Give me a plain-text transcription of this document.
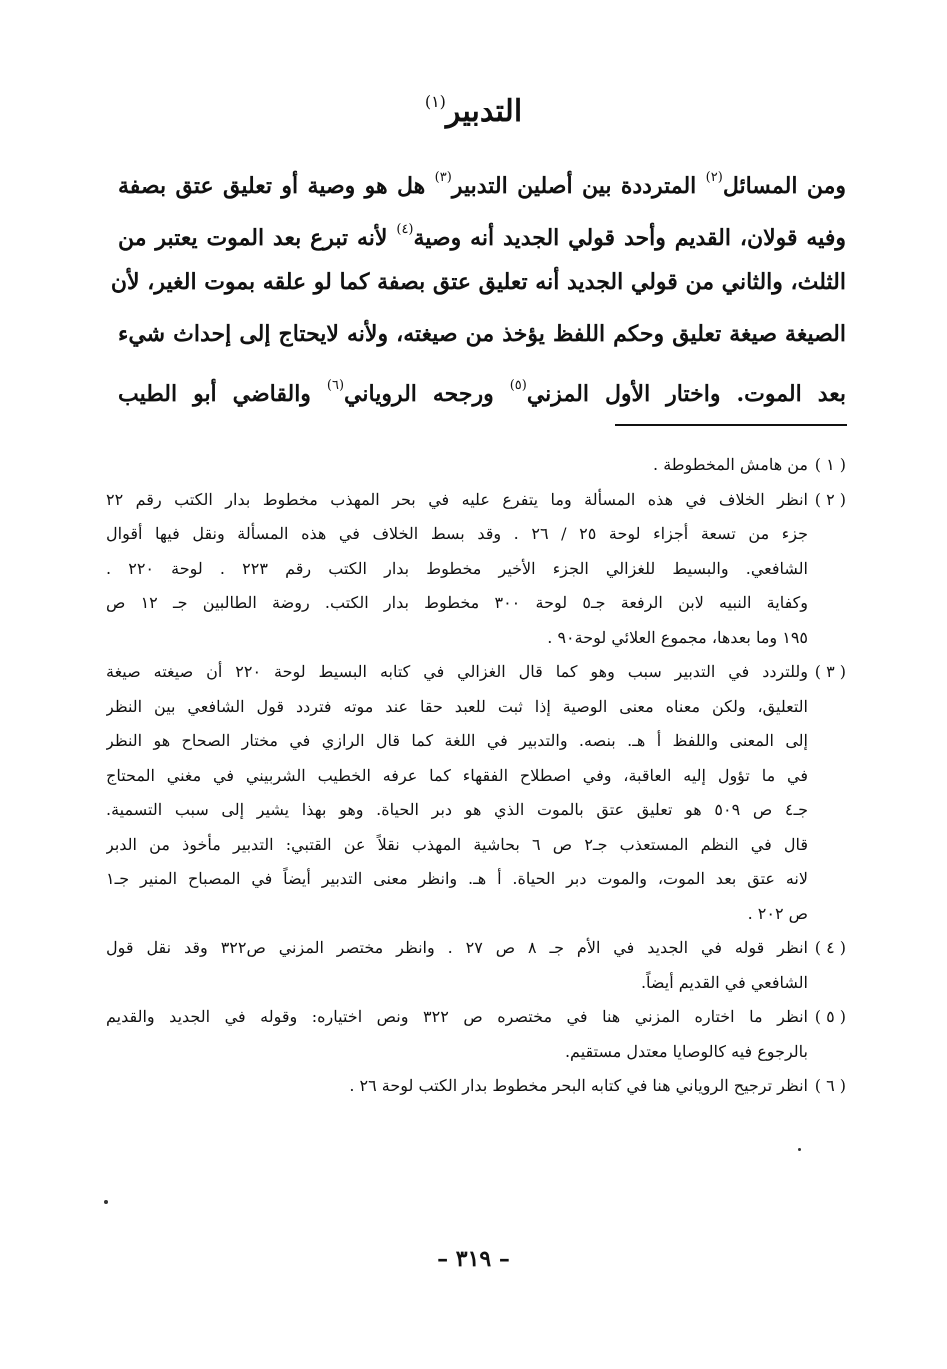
التدبير$^{(١)}$
ومن المسائل$^{(٢)}$ المترددة بين أصلين التدبير$^{(٣)}$ هل هو وصية أو تعليق عتق بصفة
وفيه قولان، القديم وأحد قولي الجديد أنه وصية$^{(٤)}$ لأنه تبرع بعد الموت يعتبر من
الثلث، والثاني من قولي الجديد أنه تعليق عتق بصفة كما لو علقه بموت الغير، لأن
الصيغة صيغة تعليق وحكم اللفظ يؤخذ من صيغته، ولأنه لايحتاج إلى إحداث شيء
بعد الموت. واختار الأول المزني$^{(٥)}$ ورجحه الروياني$^{(٦)}$ والقاضي أبو الطيب
( ١ )
من هامش المخطوطة .
( ٢ )
انظر الخلاف في هذه المسألة وما يتفرع عليه في بحر المهذب مخطوط بدار الكتب رقم ٢٢
جزء من تسعة أجزاء لوحة ٢٥ / ٢٦ . وقد بسط الخلاف في هذه المسألة ونقل فيها أقوال
الشافعي. والبسيط للغزالي الجزء الأخير مخطوط بدار الكتب رقم ٢٢٣ . لوحة ٢٢٠ .
وكفاية النبيه لابن الرفعة جـ٥ لوحة ٣٠٠ مخطوط بدار الكتب. روضة الطالبين جـ ١٢ ص
١٩٥ وما بعدها، مجموع العلائي لوحة٩٠ .
( ٣ )
وللتردد في التدبير سبب وهو كما قال الغزالي في كتابه البسيط لوحة ٢٢٠ أن صيغته صيغة
التعليق، ولكن معناه معنى الوصية إذا ثبت للعبد حقا عند موته فتردد قول الشافعي بين النظر
إلى المعنى واللفظ أ هـ. بنصه. والتدبير في اللغة كما قال الرازي في مختار الصحاح هو النظر
في ما تؤول إليه العاقبة، وفي اصطلاح الفقهاء كما عرفه الخطيب الشربيني في مغني المحتاج
جـ٤ ص ٥٠٩ هو تعليق عتق بالموت الذي هو دبر الحياة. وهو بهذا يشير إلى سبب التسمية.
قال في النظم المستعذب جـ٢ ص ٦ بحاشية المهذب نقلاً عن القتبي: التدبير مأخوذ من الدبر
لانه عتق بعد الموت، والموت دبر الحياة. أ هـ. وانظر معنى التدبير أيضاً في المصباح المنير جـ١
ص ٢٠٢ .
( ٤ )
انظر قوله في الجديد في الأم جـ ٨ ص ٢٧ . وانظر مختصر المزني ص٣٢٢ وقد نقل قول
الشافعي في القديم أيضاً.
( ٥ )
انظر ما اختاره المزني هنا في مختصره ص ٣٢٢ ونص اختياره: وقوله في الجديد والقديم
بالرجوع فيه كالوصايا معتدل مستقيم.
( ٦ )
انظر ترجيح الروياني هنا في كتابه البحر مخطوط بدار الكتب لوحة ٢٦ .
– ٣١٩ –
